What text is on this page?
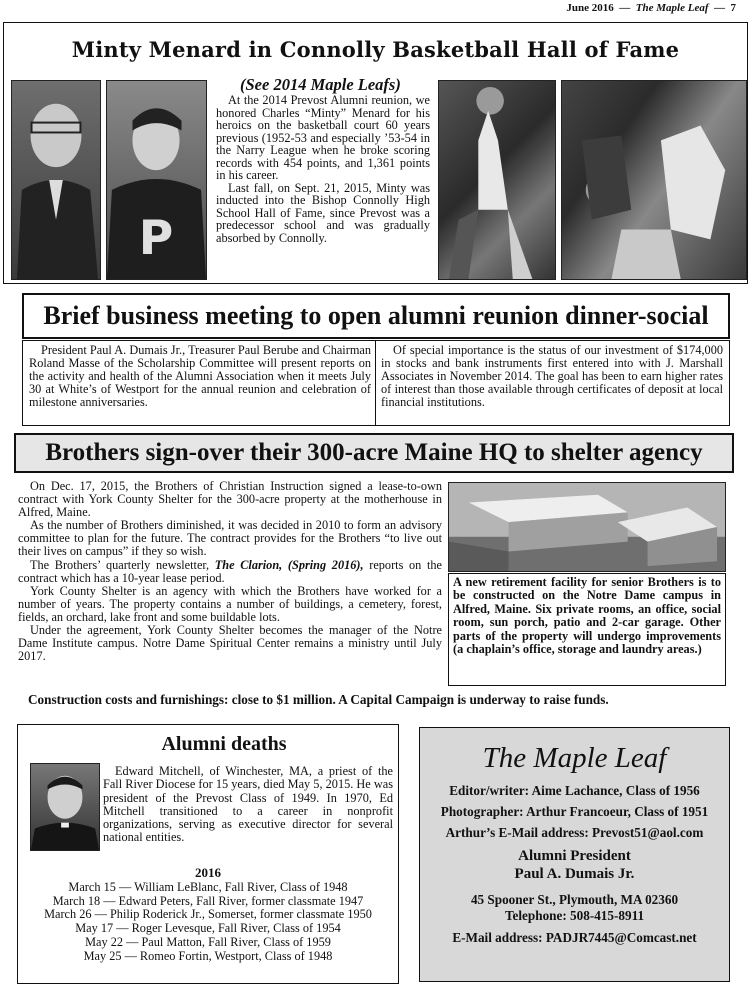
June 2016  —  The Maple Leaf  —  7
Minty Menard in Connolly Basketball Hall of Fame
P
(See 2014 Maple Leafs)

At the 2014 Prevost Alumni reunion, we honored Charles “Minty” Menard for his heroics on the basketball court 60 years previous (1952-53 and especially ’53-54 in the Narry League when he broke scoring records with 454 points, and 1,361 points in his career.

Last fall, on Sept. 21, 2015, Minty was inducted into the Bishop Connolly High School Hall of Fame, since Prevost was a predecessor school and was gradually absorbed by Connolly.

Brief business meeting to open alumni reunion dinner-social

President Paul A. Dumais Jr., Treasurer Paul Berube and Chairman Roland Masse of the Scholarship Committee will present reports on the activity and health of the Alumni Association when it meets July 30 at White’s of Westport for the annual reunion and celebration of milestone anniversaries.

Of special importance is the status of our investment of $174,000 in stocks and bank instruments first entered into with J. Marshall Associates in November 2014. The goal has been to earn higher rates of interest than those available through certificates of deposit at local financial institutions.

Brothers sign-over their 300-acre Maine HQ to shelter agency

On Dec. 17, 2015, the Brothers of Christian Instruction signed a lease-to-own contract with York County Shelter for the 300-acre property at the motherhouse in Alfred, Maine.

As the number of Brothers diminished, it was decided in 2010 to form an advisory committee to plan for the future. The contract provides for the Brothers “to live out their lives on campus” if they so wish.

The Brothers’ quarterly newsletter, The Clarion, (Spring 2016), reports on the contract which has a 10-year lease period.

York County Shelter is an agency with which the Brothers have worked for a number of years. The property contains a number of buildings, a cemetery, forest, fields, an orchard, lake front and some buildable lots.

Under the agreement, York County Shelter becomes the manager of the Notre Dame Institute campus. Notre Dame Spiritual Center remains a ministry until July 2017.

A new retirement facility for senior Brothers is to be constructed on the Notre Dame campus in Alfred, Maine. Six private rooms, an office, social room, sun porch, patio and 2-car garage. Other parts of the property will undergo improvements (a chaplain’s office, storage and laundry areas.)
Construction costs and furnishings: close to $1 million. A Capital Campaign is underway to raise funds.
Alumni deaths

Edward Mitchell, of Winchester, MA, a priest of the Fall River Diocese for 15 years, died May 5, 2015. He was president of the Prevost Class of 1949. In 1970, Ed Mitchell transitioned to a career in nonprofit organizations, serving as executive director for several national entities.

2016
March 15 — William LeBlanc, Fall River, Class of 1948
March 18 — Edward Peters, Fall River, former classmate 1947
March 26 — Philip Roderick Jr., Somerset, former classmate 1950
May 17 — Roger Levesque, Fall River, Class of 1954
May 22 — Paul Matton, Fall River, Class of 1959
May 25 — Romeo Fortin, Westport, Class of 1948
The Maple Leaf
Editor/writer: Aime Lachance, Class of 1956
Photographer: Arthur Francoeur, Class of 1951
Arthur’s E-Mail address: Prevost51@aol.com
Alumni President
Paul A. Dumais Jr.
45 Spooner St., Plymouth, MA 02360
Telephone: 508-415-8911
E-Mail address: PADJR7445@Comcast.net
